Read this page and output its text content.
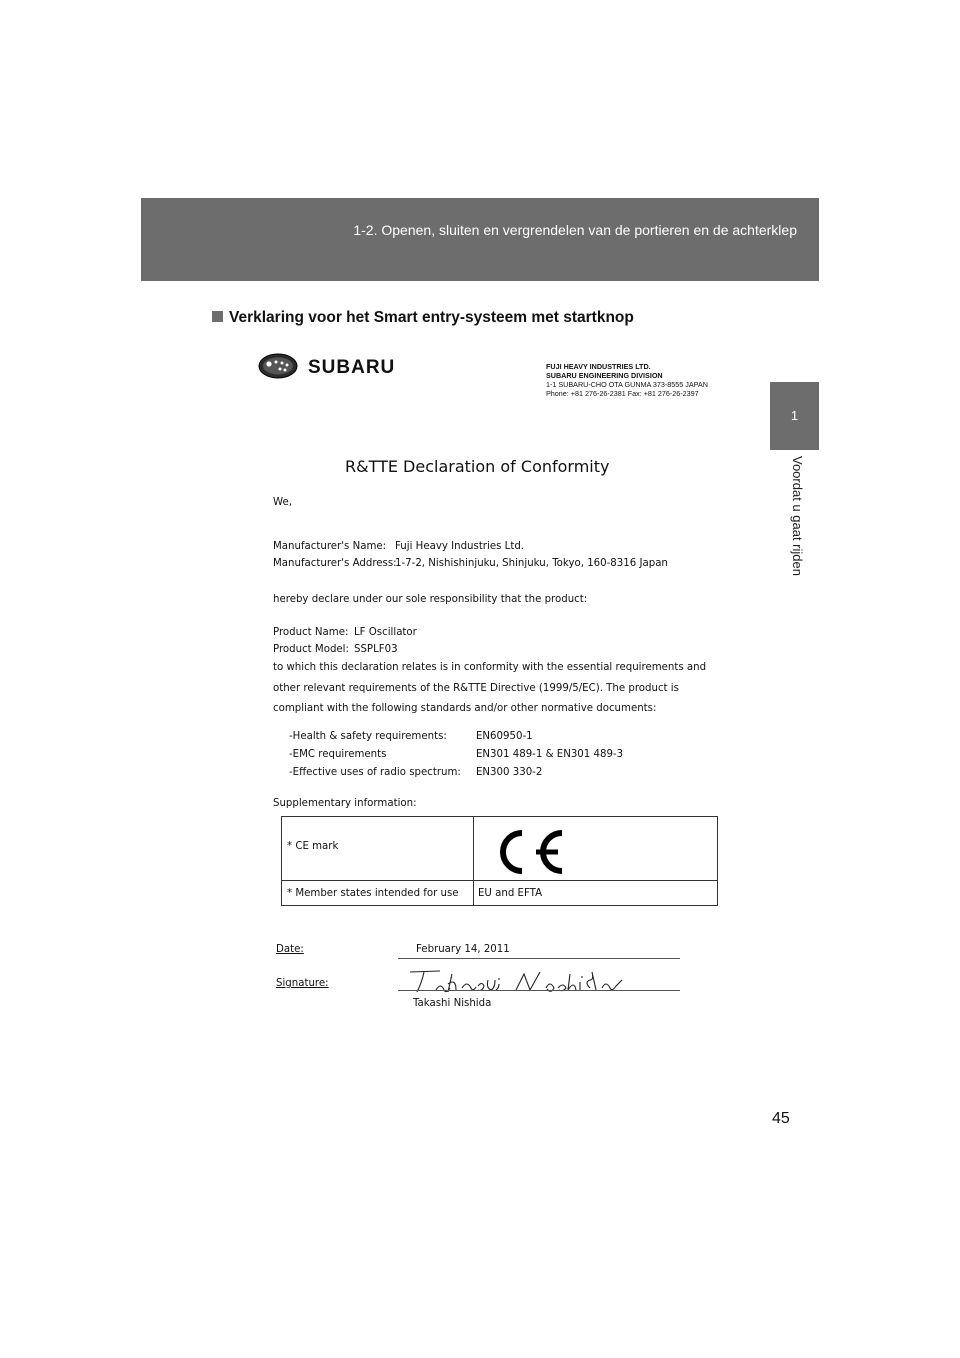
1-2. Openen, sluiten en vergrendelen van de portieren en de achterklep
1
Voordat u gaat rijden
Verklaring voor het Smart entry-systeem met startknop
SUBARU	FUJI HEAVY INDUSTRIES LTD.
SUBARU ENGINEERING DIVISION
1-1 SUBARU-CHO OTA GUNMA 373-8555 JAPAN
Phone: +81 276-26-2381 Fax: +81 276-26-2397
R&TTE Declaration of Conformity
We,
Manufacturer's Name: Fuji Heavy Industries Ltd.
Manufacturer's Address:
1-7-2, Nishishinjuku, Shinjuku, Tokyo, 160-8316 Japan
hereby declare under our sole responsibility that the product:
Product Name: LF Oscillator
Product Model: SSPLF03
to which this declaration relates is in conformity with the essential requirements and
other relevant requirements of the R&TTE Directive (1999/5/EC). The product is
compliant with the following standards and/or other normative documents:
-Health & safety requirements:	EN60950-1
-EMC requirements	EN301 489-1 & EN301 489-3
-Effective uses of radio spectrum: EN300 330-2
Supplementary information:
* CE mark
* Member states intended for use EU and EFTA
Date:	February 14, 2011
Signature:
Takashi Nishida
45
